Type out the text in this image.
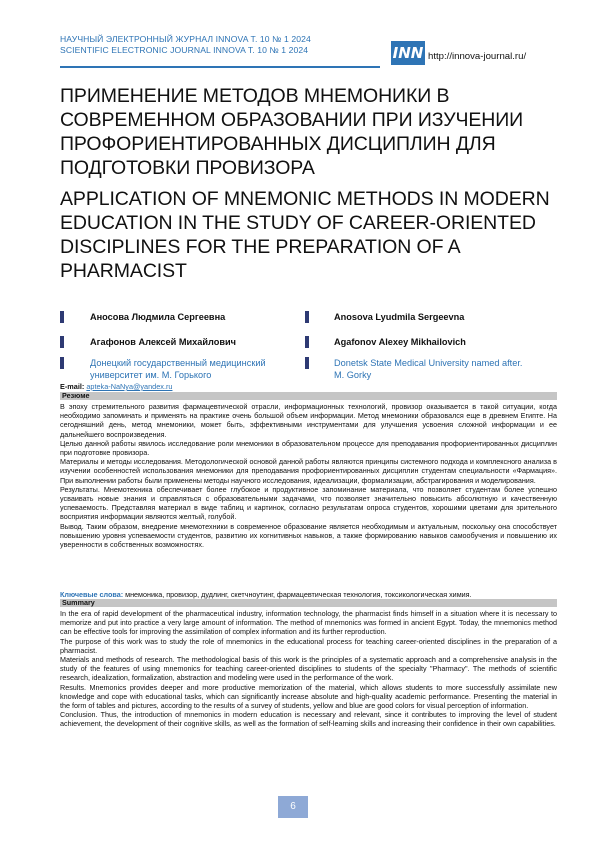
НАУЧНЫЙ ЭЛЕКТРОННЫЙ ЖУРНАЛ INNOVA Т. 10 № 1 2024
SCIENTIFIC ELECTRONIC JOURNAL INNOVA T. 10 № 1 2024	INN http://innova-journal.ru/
ПРИМЕНЕНИЕ МЕТОДОВ МНЕМОНИКИ В СОВРЕМЕННОМ ОБРАЗОВАНИИ ПРИ ИЗУЧЕНИИ ПРОФОРИЕНТИРОВАННЫХ ДИСЦИПЛИН ДЛЯ ПОДГОТОВКИ ПРОВИЗОРА
APPLICATION OF MNEMONIC METHODS IN MODERN EDUCATION IN THE STUDY OF CAREER-ORIENTED DISCIPLINES FOR THE PREPARATION OF A PHARMACIST
Аносова Людмила Сергеевна
Агафонов Алексей Михайлович
Донецкий государственный медицинский университет им. М. Горького
Anosova Lyudmila Sergeevna
Agafonov Alexey Mikhailovich
Donetsk State Medical University named after. M. Gorky
E-mail: apteka-NaNya@yandex.ru
Резюме

В эпоху стремительного развития фармацевтической отрасли, информационных технологий, провизор оказывается в такой ситуации, когда необходимо запоминать и применять на практике очень большой объем информации. Метод мнемоники образовался еще в древнем Египте. На сегодняшний день, метод мнемоники, может быть, эффективными инструментами для улучшения усвоения сложной информации и ее дальнейшего воспроизведения.

Целью данной работы явилось исследование роли мнемоники в образовательном процессе для преподавания профориентированных дисциплин при подготовке провизора.

Материалы и методы исследования. Методологической основой данной работы являются принципы системного подхода и комплексного анализа в изучении особенностей использования мнемоники для преподавания профориентированных дисциплин студентам специальности «Фармация». При выполнении работы были применены методы научного исследования, идеализации, формализации, абстрагирования и моделирования.

Результаты. Мнемотехника обеспечивает более глубокое и продуктивное запоминание материала, что позволяет студентам более успешно усваивать новые знания и справляться с образовательными задачами, что позволяет значительно повысить абсолютную и качественную успеваемость. Представляя материал в виде таблиц и картинок, согласно результатам опроса студентов, хорошими цветами для зрительного восприятия информации являются желтый, голубой.

Вывод. Таким образом, внедрение мнемотехники в современное образование является необходимым и актуальным, поскольку она способствует повышению уровня успеваемости студентов, развитию их когнитивных навыков, а также формированию навыков самообучения и повышению их уверенности в собственных возможностях.

Ключевые слова: мнемоника, провизор, дудлинг, скетчноутинг, фармацевтическая технология, токсикологическая химия.
Summary

In the era of rapid development of the pharmaceutical industry, information technology, the pharmacist finds himself in a situation where it is necessary to memorize and put into practice a very large amount of information. The method of mnemonics was formed in ancient Egypt. Today, the mnemonics method can be effective tools for improving the assimilation of complex information and its further reproduction.

The purpose of this work was to study the role of mnemonics in the educational process for teaching career-oriented disciplines in the preparation of a pharmacist.

Materials and methods of research. The methodological basis of this work is the principles of a systematic approach and a comprehensive analysis in the study of the features of using mnemonics for teaching career-oriented disciplines to students of the specialty "Pharmacy". The methods of scientific research, idealization, formalization, abstraction and modeling were used in the performance of the work.

Results. Mnemonics provides deeper and more productive memorization of the material, which allows students to more successfully assimilate new knowledge and cope with educational tasks, which can significantly increase absolute and high-quality academic performance. Presenting the material in the form of tables and pictures, according to the results of a survey of students, yellow and blue are good colors for visual perception of information.

Conclusion. Thus, the introduction of mnemonics in modern education is necessary and relevant, since it contributes to improving the level of student achievement, the development of their cognitive skills, as well as the formation of self-learning skills and increasing their confidence in their own capabilities.

6
